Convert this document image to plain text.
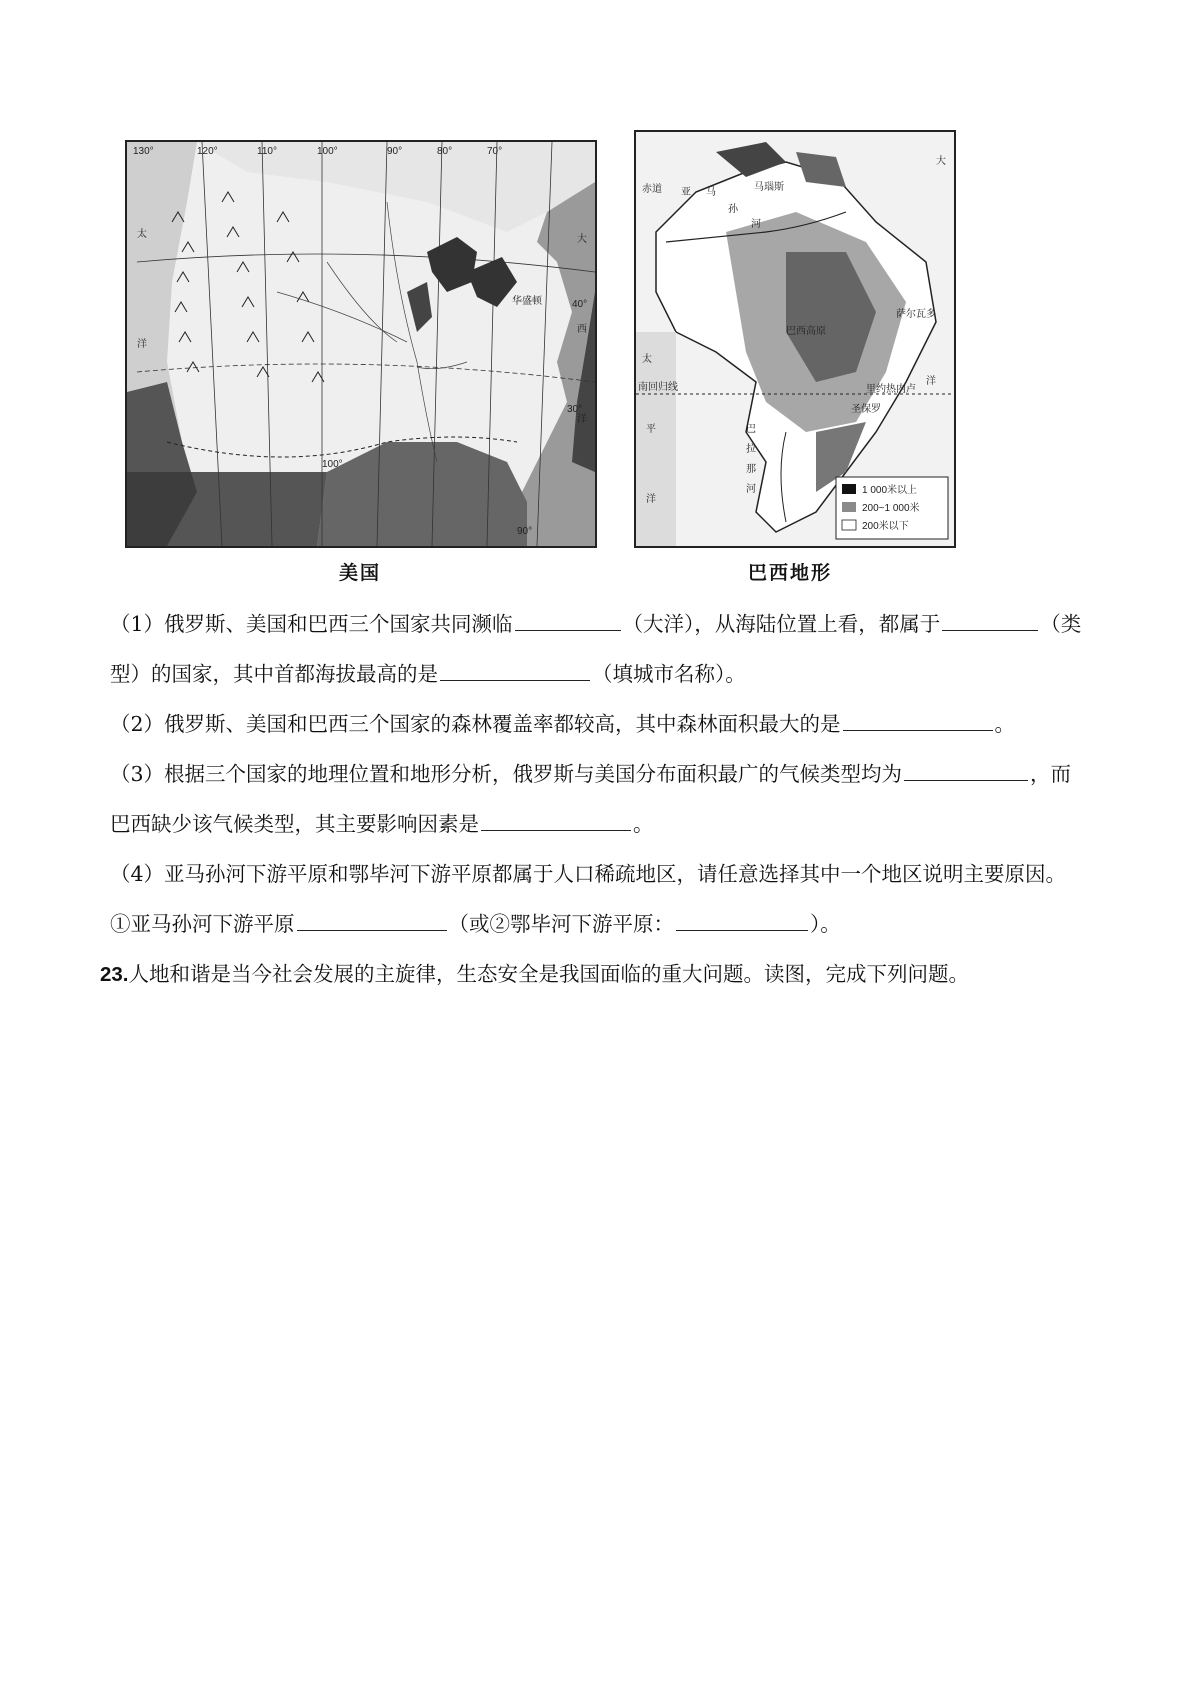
130°	120°	110°	100°	90°	80°	70°
太
洋
大
西
洋
华盛顿
30°
40°
100°
90°
美国
1 000米以上
200~1 000米
200米以下
大
赤道 亚 马
孙
河
马瑙斯
巴西高原
萨尔瓦多
太
南回归线
平
洋
里约热内卢
圣保罗
洋
巴
拉
那
河
巴西地形
（1）俄罗斯、美国和巴西三个国家共同濒临	（大洋），从海陆位置上看，都属于	（类
型）的国家，其中首都海拔最高的是	（填城市名称）。
（2）俄罗斯、美国和巴西三个国家的森林覆盖率都较高，其中森林面积最大的是	。
（3）根据三个国家的地理位置和地形分析，俄罗斯与美国分布面积最广的气候类型均为	，而
巴西缺少该气候类型，其主要影响因素是	。
（4）亚马孙河下游平原和鄂毕河下游平原都属于人口稀疏地区，请任意选择其中一个地区说明主要原因。
①亚马孙河下游平原	（或②鄂毕河下游平原：	）。
23.人地和谐是当今社会发展的主旋律，生态安全是我国面临的重大问题。读图，完成下列问题。
